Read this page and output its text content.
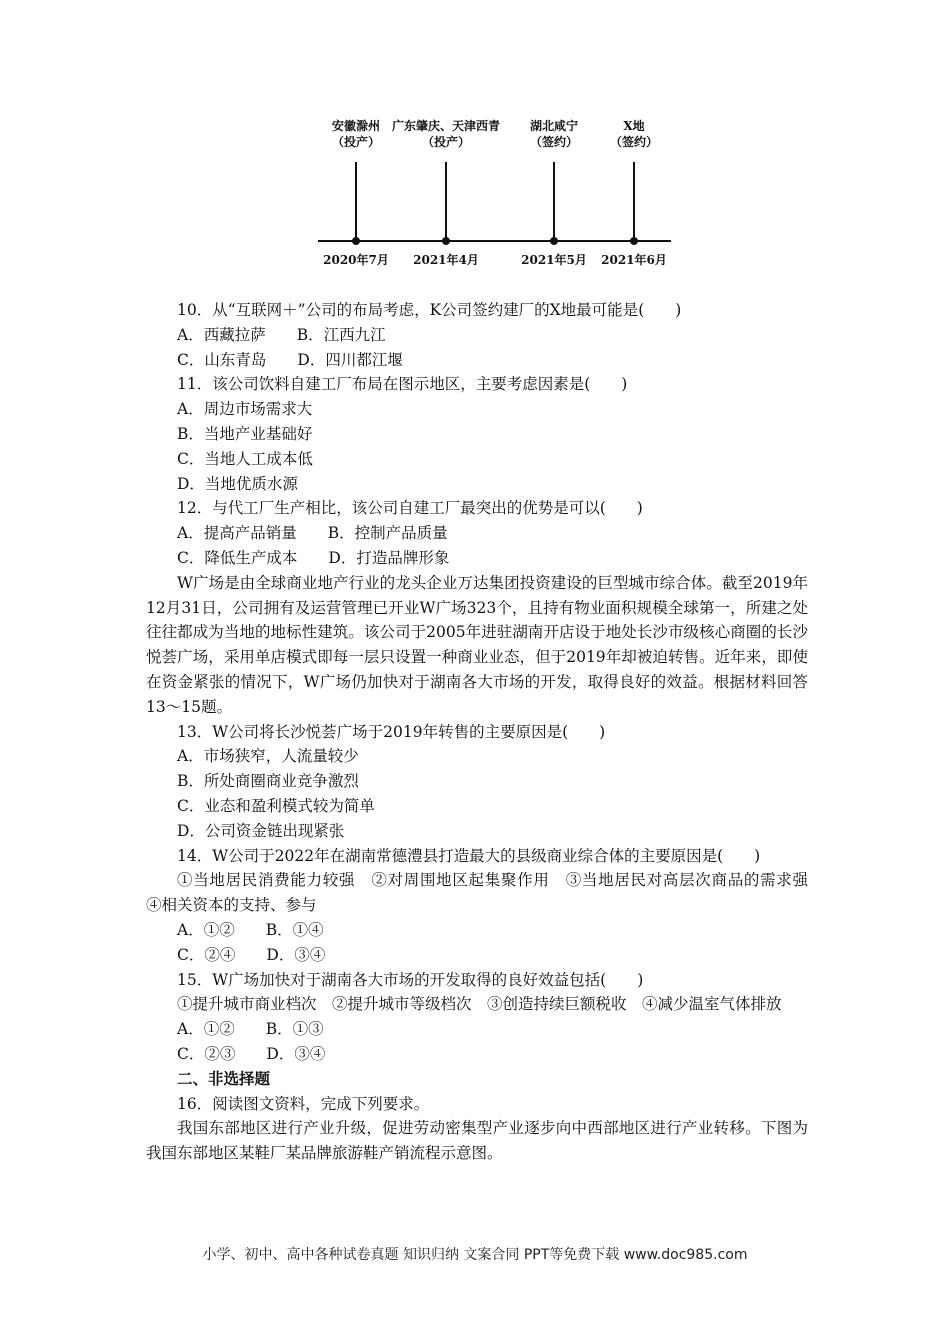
安徽滁州
（投产）
广东肇庆、天津西青
（投产）
湖北咸宁
（签约）
X地
（签约）
2020年7月	2021年4月	2021年5月	2021年6月
10．从“互联网＋”公司的布局考虑，K公司签约建厂的X地最可能是(　　)
A．西藏拉萨　　 B．江西九江
C．山东青岛　　 D．四川都江堰
11．该公司饮料自建工厂布局在图示地区，主要考虑因素是(　　)
A．周边市场需求大
B．当地产业基础好
C．当地人工成本低
D．当地优质水源
12．与代工厂生产相比，该公司自建工厂最突出的优势是可以(　　)
A．提高产品销量　　 B．控制产品质量
C．降低生产成本　　 D．打造品牌形象
W广场是由全球商业地产行业的龙头企业万达集团投资建设的巨型城市综合体。截至2019年12月31日，公司拥有及运营管理已开业W广场323个，且持有物业面积规模全球第一，所建之处往往都成为当地的地标性建筑。该公司于2005年进驻湖南开店设于地处长沙市级核心商圈的长沙悦荟广场，采用单店模式即每一层只设置一种商业业态，但于2019年却被迫转售。近年来，即使在资金紧张的情况下，W广场仍加快对于湖南各大市场的开发，取得良好的效益。根据材料回答13～15题。
13．W公司将长沙悦荟广场于2019年转售的主要原因是(　　)
A．市场狭窄，人流量较少
B．所处商圈商业竞争激烈
C．业态和盈利模式较为简单
D．公司资金链出现紧张
14．W公司于2022年在湖南常德澧县打造最大的县级商业综合体的主要原因是(　　)
①当地居民消费能力较强　②对周围地区起集聚作用　③当地居民对高层次商品的需求强　④相关资本的支持、参与
A．①②　　 B．①④
C．②④　　 D．③④
15．W广场加快对于湖南各大市场的开发取得的良好效益包括(　　)
①提升城市商业档次　②提升城市等级档次　③创造持续巨额税收　④减少温室气体排放
A．①②　　 B．①③
C．②③　　 D．③④
二、非选择题
16．阅读图文资料，完成下列要求。
我国东部地区进行产业升级，促进劳动密集型产业逐步向中西部地区进行产业转移。下图为我国东部地区某鞋厂某品牌旅游鞋产销流程示意图。
小学、初中、高中各种试卷真题 知识归纳 文案合同 PPT等免费下载 www.doc985.com
